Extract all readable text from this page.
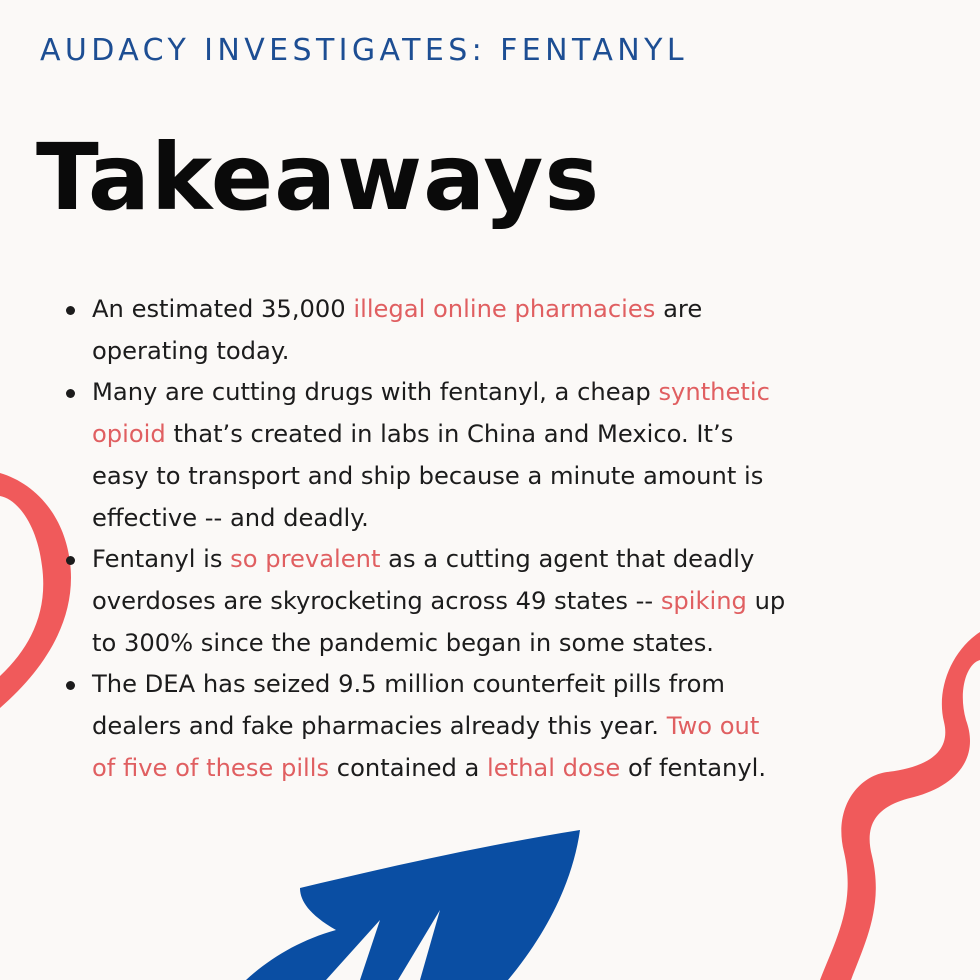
AUDACY INVESTIGATES: FENTANYL
Takeaways
An estimated 35,000 illegal online pharmacies are operating today.
Many are cutting drugs with fentanyl, a cheap synthetic opioid that’s created in labs in China and Mexico. It’s easy to transport and ship because a minute amount is effective -- and deadly.
Fentanyl is so prevalent as a cutting agent that deadly overdoses are skyrocketing across 49 states -- spiking up to 300% since the pandemic began in some states.
The DEA has seized 9.5 million counterfeit pills from dealers and fake pharmacies already this year. Two out of five of these pills contained a lethal dose of fentanyl.
